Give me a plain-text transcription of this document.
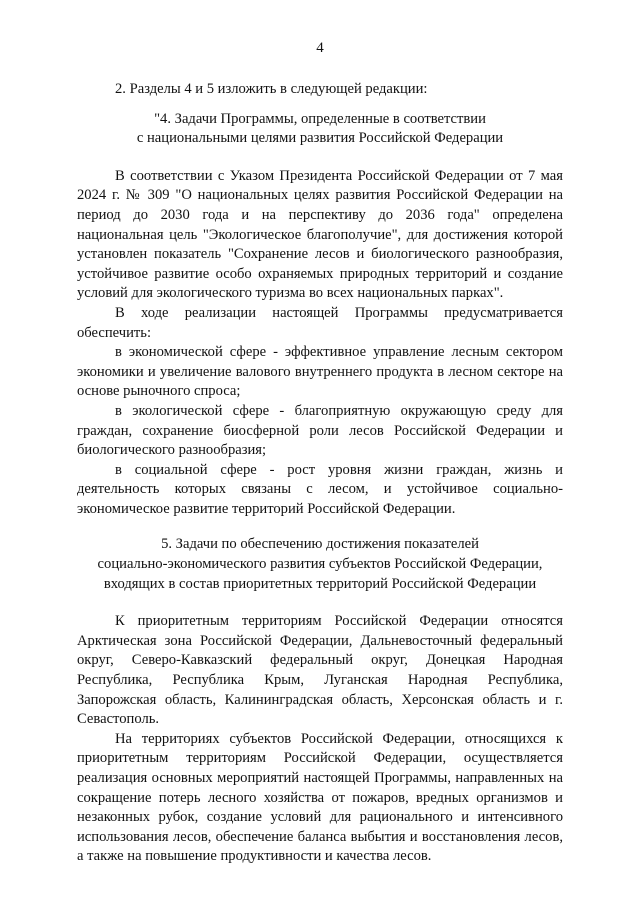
4

2. Разделы 4 и 5 изложить в следующей редакции:

"4. Задачи Программы, определенные в соответствии
с национальными целями развития Российской Федерации

В соответствии с Указом Президента Российской Федерации от 7 мая 2024 г. № 309 "О национальных целях развития Российской Федерации на период до 2030 года и на перспективу до 2036 года" определена национальная цель "Экологическое благополучие", для достижения которой установлен показатель "Сохранение лесов и биологического разнообразия, устойчивое развитие особо охраняемых природных территорий и создание условий для экологического туризма во всех национальных парках".

В ходе реализации настоящей Программы предусматривается обеспечить:

в экономической сфере - эффективное управление лесным сектором экономики и увеличение валового внутреннего продукта в лесном секторе на основе рыночного спроса;

в экологической сфере - благоприятную окружающую среду для граждан, сохранение биосферной роли лесов Российской Федерации и биологического разнообразия;

в социальной сфере - рост уровня жизни граждан, жизнь и деятельность которых связаны с лесом, и устойчивое социально-экономическое развитие территорий Российской Федерации.

5. Задачи по обеспечению достижения показателей
социально-экономического развития субъектов Российской Федерации,
входящих в состав приоритетных территорий Российской Федерации

К приоритетным территориям Российской Федерации относятся Арктическая зона Российской Федерации, Дальневосточный федеральный округ, Северо-Кавказский федеральный округ, Донецкая Народная Республика, Республика Крым, Луганская Народная Республика, Запорожская область, Калининградская область, Херсонская область и г. Севастополь.

На территориях субъектов Российской Федерации, относящихся к приоритетным территориям Российской Федерации, осуществляется реализация основных мероприятий настоящей Программы, направленных на сокращение потерь лесного хозяйства от пожаров, вредных организмов и незаконных рубок, создание условий для рационального и интенсивного использования лесов, обеспечение баланса выбытия и восстановления лесов, а также на повышение продуктивности и качества лесов.
